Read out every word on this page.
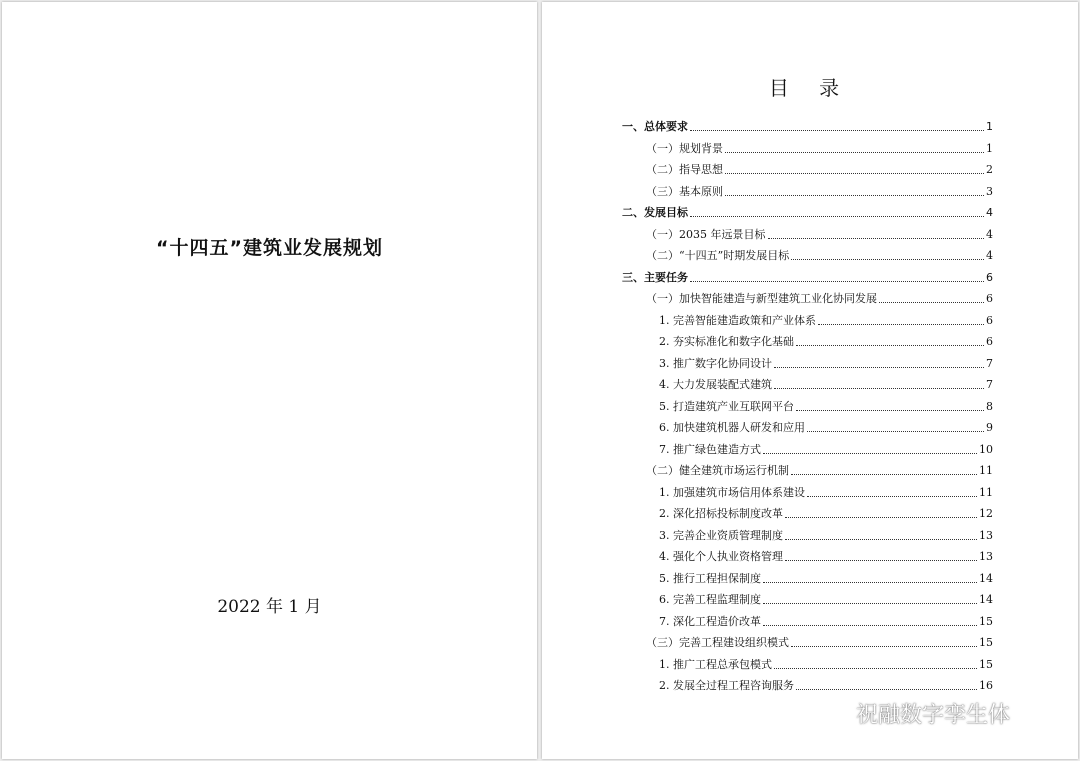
“十四五”建筑业发展规划
2022 年 1 月
目 录
一、总体要求	1
（一）规划背景	1
（二）指导思想	2
（三）基本原则	3
二、发展目标	4
（一）2035 年远景目标	4
（二）“十四五”时期发展目标	4
三、主要任务	6
（一）加快智能建造与新型建筑工业化协同发展	6
1. 完善智能建造政策和产业体系	6
2. 夯实标准化和数字化基础	6
3. 推广数字化协同设计	7
4. 大力发展装配式建筑	7
5. 打造建筑产业互联网平台	8
6. 加快建筑机器人研发和应用	9
7. 推广绿色建造方式	10
（二）健全建筑市场运行机制	11
1. 加强建筑市场信用体系建设	11
2. 深化招标投标制度改革	12
3. 完善企业资质管理制度	13
4. 强化个人执业资格管理	13
5. 推行工程担保制度	14
6. 完善工程监理制度	14
7. 深化工程造价改革	15
（三）完善工程建设组织模式	15
1. 推广工程总承包模式	15
2. 发展全过程工程咨询服务	16
祝融数字孪生体
